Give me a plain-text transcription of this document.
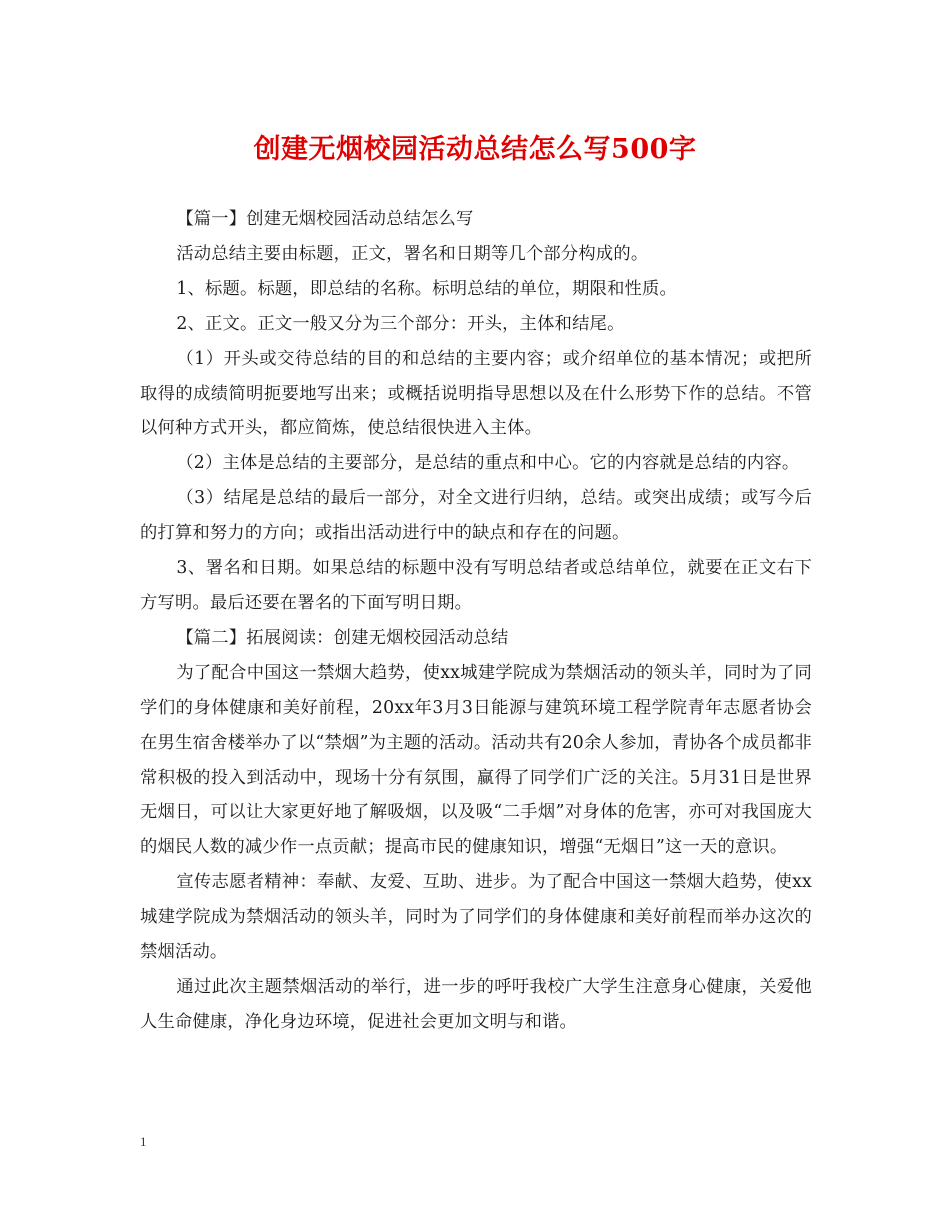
创建无烟校园活动总结怎么写500字

【篇一】创建无烟校园活动总结怎么写

活动总结主要由标题，正文，署名和日期等几个部分构成的。

1、标题。标题，即总结的名称。标明总结的单位，期限和性质。

2、正文。正文一般又分为三个部分：开头，主体和结尾。

（1）开头或交待总结的目的和总结的主要内容；或介绍单位的基本情况；或把所取得的成绩简明扼要地写出来；或概括说明指导思想以及在什么形势下作的总结。不管以何种方式开头，都应简炼，使总结很快进入主体。

（2）主体是总结的主要部分，是总结的重点和中心。它的内容就是总结的内容。

（3）结尾是总结的最后一部分，对全文进行归纳，总结。或突出成绩；或写今后的打算和努力的方向；或指出活动进行中的缺点和存在的问题。

3、署名和日期。如果总结的标题中没有写明总结者或总结单位，就要在正文右下方写明。最后还要在署名的下面写明日期。

【篇二】拓展阅读：创建无烟校园活动总结

为了配合中国这一禁烟大趋势，使xx城建学院成为禁烟活动的领头羊，同时为了同学们的身体健康和美好前程，20xx年3月3日能源与建筑环境工程学院青年志愿者协会在男生宿舍楼举办了以“禁烟”为主题的活动。活动共有20余人参加，青协各个成员都非常积极的投入到活动中，现场十分有氛围，赢得了同学们广泛的关注。5月31日是世界无烟日，可以让大家更好地了解吸烟，以及吸“二手烟”对身体的危害，亦可对我国庞大的烟民人数的减少作一点贡献；提高市民的健康知识，增强“无烟日”这一天的意识。

宣传志愿者精神：奉献、友爱、互助、进步。为了配合中国这一禁烟大趋势，使xx城建学院成为禁烟活动的领头羊，同时为了同学们的身体健康和美好前程而举办这次的禁烟活动。

通过此次主题禁烟活动的举行，进一步的呼吁我校广大学生注意身心健康，关爱他人生命健康，净化身边环境，促进社会更加文明与和谐。

1
